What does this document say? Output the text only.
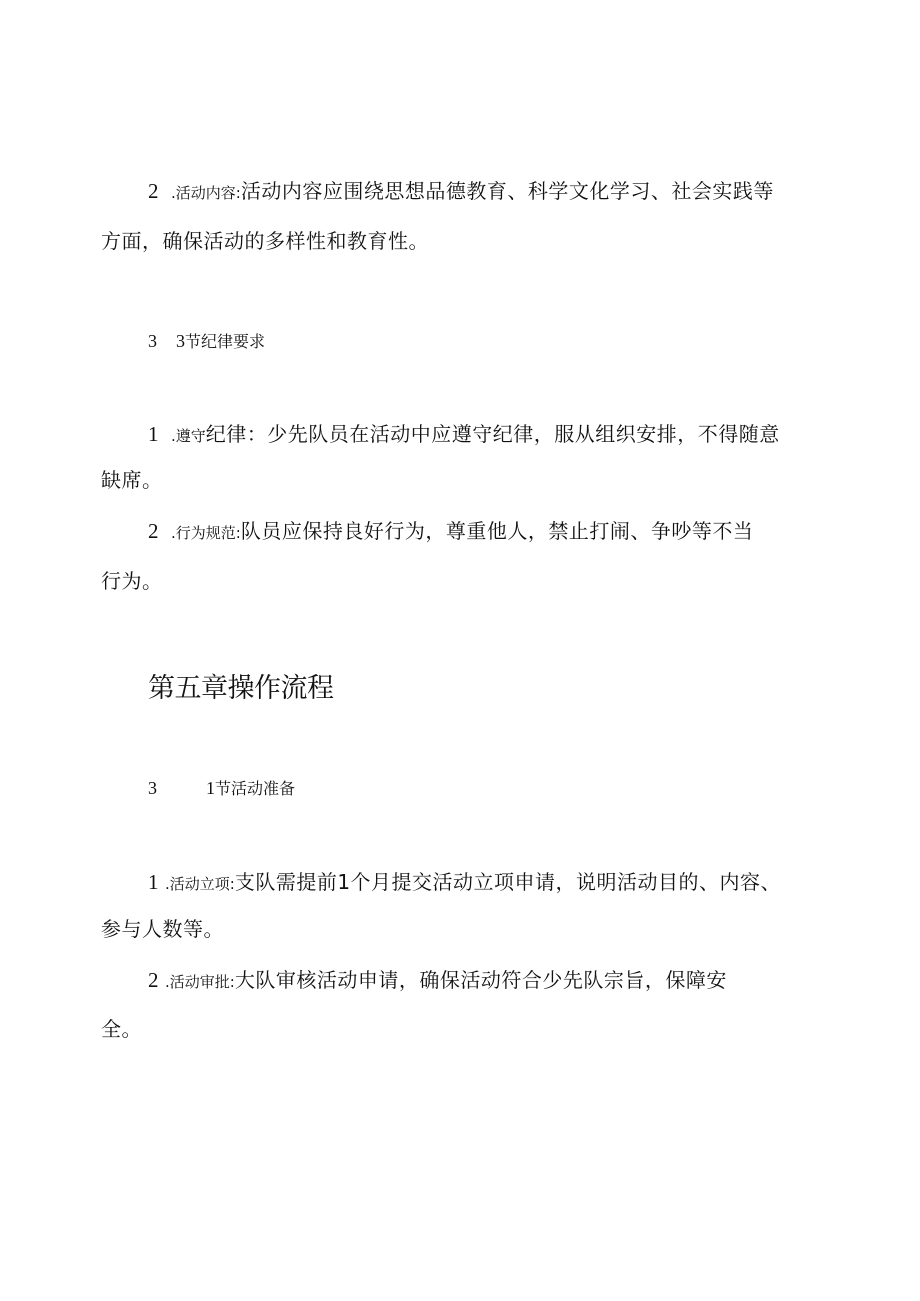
2 .活动内容:活动内容应围绕思想品德教育、科学文化学习、社会实践等
方面，确保活动的多样性和教育性。
3 3节纪律要求
1 .遵守纪律：少先队员在活动中应遵守纪律，服从组织安排，不得随意
缺席。
2 .行为规范:队员应保持良好行为，尊重他人，禁止打闹、争吵等不当
行为。
第五章操作流程
3	1节活动准备
1 .活动立项:支队需提前1个月提交活动立项申请，说明活动目的、内容、
参与人数等。
2 .活动审批:大队审核活动申请，确保活动符合少先队宗旨，保障安
全。
